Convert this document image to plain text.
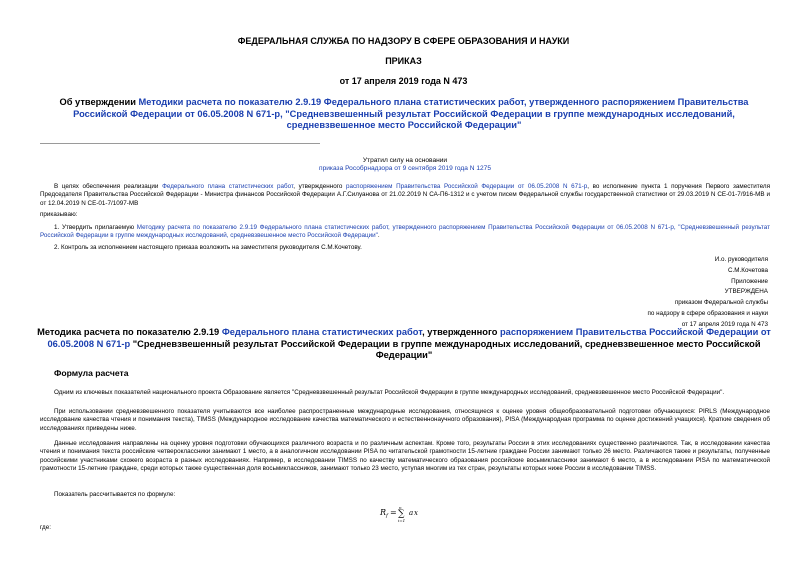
ФЕДЕРАЛЬНАЯ СЛУЖБА ПО НАДЗОРУ В СФЕРЕ ОБРАЗОВАНИЯ И НАУКИ
ПРИКАЗ
от 17 апреля 2019 года N 473
Об утверждении Методики расчета по показателю 2.9.19 Федерального плана статистических работ, утвержденного распоряжением Правительства Российской Федерации от 06.05.2008 N 671-р, "Средневзвешенный результат Российской Федерации в группе международных исследований, средневзвешенное место Российской Федерации"
Утратил силу на основании
приказа Рособрнадзора от 9 сентября 2019 года N 1275
В целях обеспечения реализации Федерального плана статистических работ, утвержденного распоряжением Правительства Российской Федерации от 06.05.2008 N 671-р, во исполнение пункта 1 поручения Первого заместителя Председателя Правительства Российской Федерации - Министра финансов Российской Федерации А.Г.Силуанова от 21.02.2019 N СА-П6-1312 и с учетом писем Федеральной службы государственной статистики от 29.03.2019 N СЕ-01-7/916-МВ и от 12.04.2019 N СЕ-01-7/1097-МВ
приказываю:
1. Утвердить прилагаемую Методику расчета по показателю 2.9.19 Федерального плана статистических работ, утвержденного распоряжением Правительства Российской Федерации от 06.05.2008 N 671-р, "Средневзвешенный результат Российской Федерации в группе международных исследований, средневзвешенное место Российской Федерации".
2. Контроль за исполнением настоящего приказа возложить на заместителя руководителя С.М.Кочетову.
И.о. руководителя
С.М.Кочетова
Приложение
УТВЕРЖДЕНА
приказом Федеральной службы
по надзору в сфере образования и науки
от 17 апреля 2019 года N 473
Методика расчета по показателю 2.9.19 Федерального плана статистических работ, утвержденного распоряжением Правительства Российской Федерации от 06.05.2008 N 671-р "Средневзвешенный результат Российской Федерации в группе международных исследований, средневзвешенное место Российской Федерации"
Формула расчета
Одним из ключевых показателей национального проекта Образование является "Средневзвешенный результат Российской Федерации в группе международных исследований, средневзвешенное место Российской Федерации".
При использовании средневзвешенного показателя учитываются все наиболее распространенные международные исследования, относящиеся к оценке уровня общеобразовательной подготовки обучающихся: PIRLS (Международное исследование качества чтения и понимания текста), TIMSS (Международное исследование качества математического и естественнонаучного образования), PISA (Международная программа по оценке достижений учащихся). Краткие сведения об исследованиях приведены ниже.
Данные исследования направлены на оценку уровня подготовки обучающихся различного возраста и по различным аспектам. Кроме того, результаты России в этих исследованиях существенно различаются. Так, в исследовании качества чтения и понимания текста российские четвероклассники занимают 1 место, а в аналогичном исследовании PISA по читательской грамотности 15-летние граждане России занимают только 26 место. Различаются также и результаты, полученные российскими участниками схожего возраста в разных исследованиях. Например, в исследовании TIMSS по качеству математического образования российские восьмиклассники занимают 6 место, а в исследовании PISA по математической грамотности 15-летние граждане, среди которых также существенная доля восьмиклассников, занимают только 23 место, уступая многим из тех стран, результаты которых ниже России в исследовании TIMSS.
Показатель рассчитывается по формуле:
R f =
n
∑
i=1
a x
где:
